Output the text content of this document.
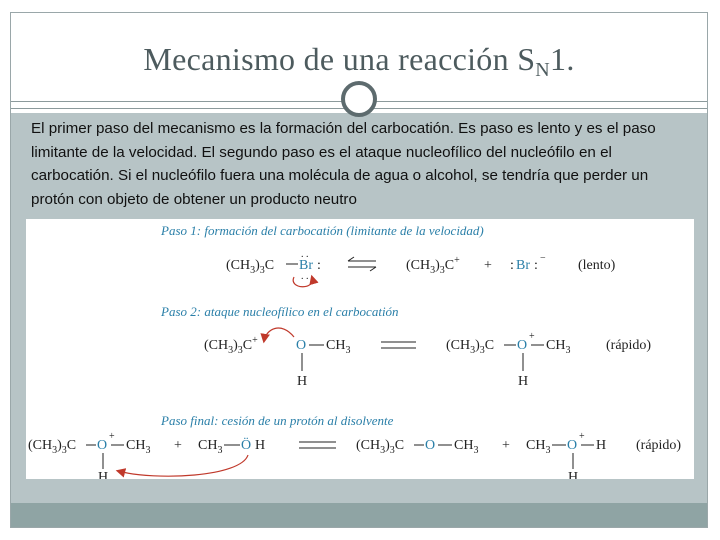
Mecanismo de una reacción $S_N1$.
El primer paso del mecanismo es la formación del carbocatión. Es paso es lento y es el paso limitante de la velocidad. El segundo paso es el ataque nucleofílico del nucleófilo en el carbocatión. Si el nucleófilo fuera una molécula de agua o alcohol, se tendría que perder un protón con objeto de obtener un producto neutro
Paso 1: formación del carbocatión (limitante de la velocidad)
$(CH_3)_3C$ Br :
. .
. .
$(CH_3)_3C^+$ + : Br : − (lento)
Paso 2: ataque nucleofílico en el carbocatión
$(CH_3)_3C^+$	O $CH_3$
H
$(CH_3)_3C$ O
+
$CH_3$
H
(rápido)
Paso final: cesión de un protón al disolvente
$(CH_3)_3C$ O
+
$CH_3$
H
+ $CH_3$ Ö H	$(CH_3)_3C$ O $CH_3 + CH_3$ O
+
H
H
(rápido)
